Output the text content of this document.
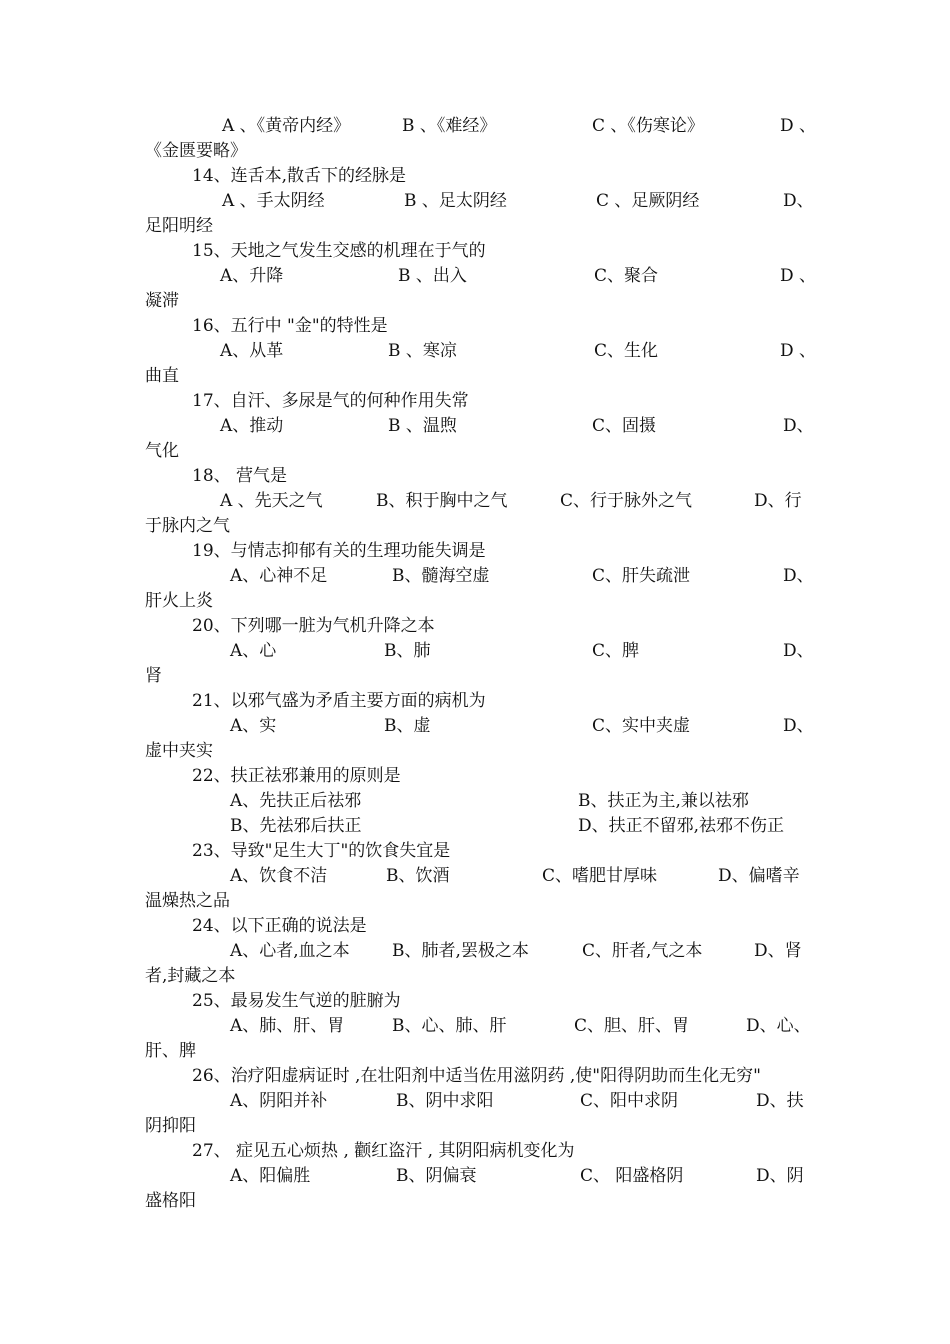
A 、《黄帝内经》	B 、《难经》	C 、《伤寒论》	D 、
《金匮要略》
14、连舌本,散舌下的经脉是
A 、手太阴经	B 、足太阴经	C 、足厥阴经	D、
足阳明经
15、天地之气发生交感的机理在于气的
A、升降	B 、出入	C、聚合	D 、
凝滞
16、五行中 "金"的特性是
A、从革	B 、寒凉	C、生化	D 、
曲直
17、自汗、多尿是气的何种作用失常
A、推动	B 、温煦	C、固摄	D、
气化
18、 营气是
A 、先天之气	B、积于胸中之气	C、行于脉外之气	D、行
于脉内之气
19、与情志抑郁有关的生理功能失调是
A、心神不足	B、髓海空虚	C、肝失疏泄	D、
肝火上炎
20、下列哪一脏为气机升降之本
A、心	B、肺	C、脾	D、
肾
21、以邪气盛为矛盾主要方面的病机为
A、实	B、虚	C、实中夹虚	D、
虚中夹实
22、扶正祛邪兼用的原则是
A、先扶正后祛邪	B、扶正为主,兼以祛邪
B、先祛邪后扶正	D、扶正不留邪,祛邪不伤正
23、导致"足生大丁"的饮食失宜是
A、饮食不洁	B、饮酒	C、嗜肥甘厚味	D、偏嗜辛
温燥热之品
24、以下正确的说法是
A、心者,血之本 B、肺者,罢极之本	C、肝者,气之本	D、肾
者,封藏之本
25、最易发生气逆的脏腑为
A、肺、肝、胃	B、心、肺、肝	C、胆、肝、胃	D、心、
肝、脾
26、治疗阳虚病证时 ,在壮阳剂中适当佐用滋阴药 ,使"阳得阴助而生化无穷"
A、阴阳并补	B、阴中求阳	C、阳中求阴	D、扶
阴抑阳
27、 症见五心烦热 , 颧红盗汗 , 其阴阳病机变化为
A、阳偏胜	B、阴偏衰	C、 阳盛格阴	D、阴
盛格阳
